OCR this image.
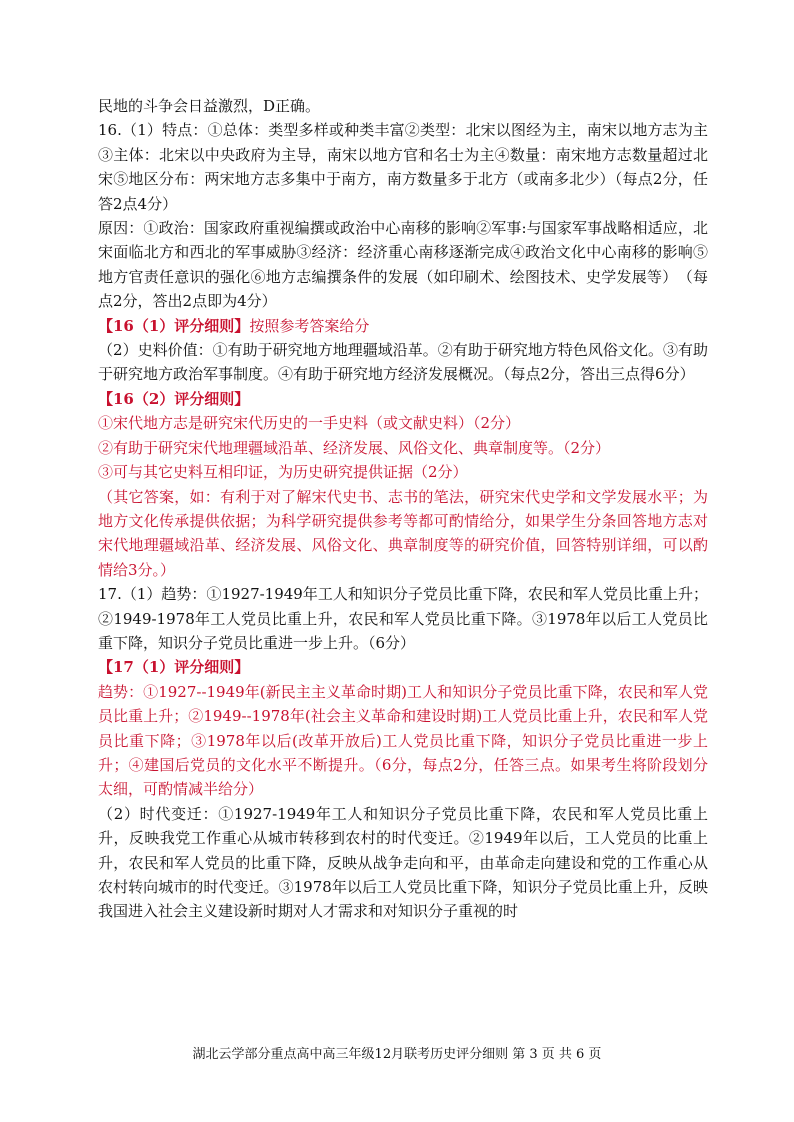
民地的斗争会日益激烈，D正确。

16.（1）特点：①总体：类型多样或种类丰富②类型：北宋以图经为主，南宋以地方志为主③主体：北宋以中央政府为主导，南宋以地方官和名士为主④数量：南宋地方志数量超过北宋⑤地区分布：两宋地方志多集中于南方，南方数量多于北方（或南多北少）（每点2分，任答2点4分）

原因：①政治：国家政府重视编撰或政治中心南移的影响②军事:与国家军事战略相适应，北宋面临北方和西北的军事威胁③经济：经济重心南移逐渐完成④政治文化中心南移的影响⑤地方官责任意识的强化⑥地方志编撰条件的发展（如印刷术、绘图技术、史学发展等）　（每点2分，答出2点即为4分）

【16（1）评分细则】按照参考答案给分

（2）史料价值：①有助于研究地方地理疆域沿革。②有助于研究地方特色风俗文化。③有助于研究地方政治军事制度。④有助于研究地方经济发展概况。（每点2分，答出三点得6分）

【16（2）评分细则】

①宋代地方志是研究宋代历史的一手史料（或文献史料）（2分）

②有助于研究宋代地理疆域沿革、经济发展、风俗文化、典章制度等。（2分）

③可与其它史料互相印证，为历史研究提供证据（2分）

（其它答案，如：有利于对了解宋代史书、志书的笔法，研究宋代史学和文学发展水平；为地方文化传承提供依据；为科学研究提供参考等都可酌情给分，如果学生分条回答地方志对宋代地理疆域沿革、经济发展、风俗文化、典章制度等的研究价值，回答特别详细，可以酌情给3分。）

17.（1）趋势：①1927-1949年工人和知识分子党员比重下降，农民和军人党员比重上升；②1949-1978年工人党员比重上升，农民和军人党员比重下降。③1978年以后工人党员比重下降，知识分子党员比重进一步上升。（6分）

【17（1）评分细则】

趋势：①1927--1949年(新民主主义革命时期)工人和知识分子党员比重下降，农民和军人党员比重上升；②1949--1978年(社会主义革命和建设时期)工人党员比重上升，农民和军人党员比重下降；③1978年以后(改革开放后)工人党员比重下降，知识分子党员比重进一步上升；④建国后党员的文化水平不断提升。（6分，每点2分，任答三点。如果考生将阶段划分太细，可酌情减半给分）

（2）时代变迁：①1927-1949年工人和知识分子党员比重下降，农民和军人党员比重上升，反映我党工作重心从城市转移到农村的时代变迁。②1949年以后，工人党员的比重上升，农民和军人党员的比重下降，反映从战争走向和平，由革命走向建设和党的工作重心从农村转向城市的时代变迁。③1978年以后工人党员比重下降，知识分子党员比重上升，反映我国进入社会主义建设新时期对人才需求和对知识分子重视的时

湖北云学部分重点高中高三年级12月联考历史评分细则 第 3 页 共 6 页
